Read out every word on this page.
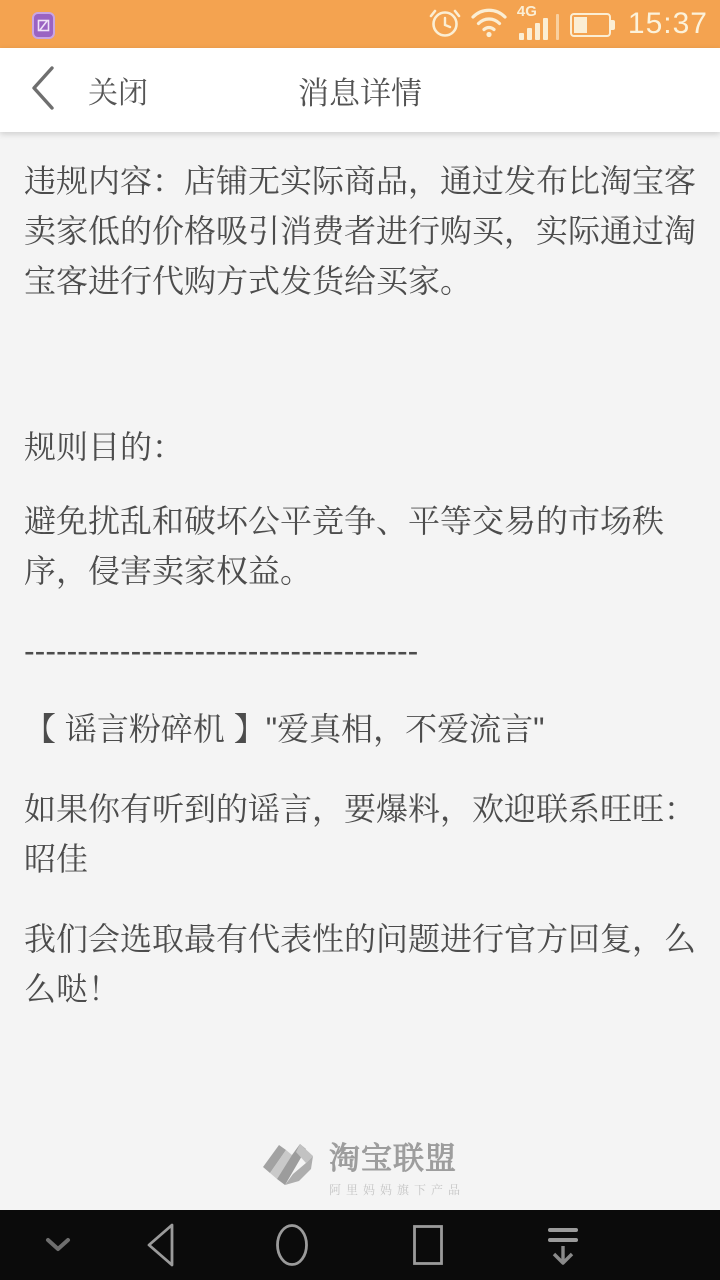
4G	15:37
关闭	消息详情

违规内容：店铺无实际商品，通过发布比淘宝客卖家低的价格吸引消费者进行购买，实际通过淘宝客进行代购方式发货给买家。

规则目的：

避免扰乱和破坏公平竞争、平等交易的市场秩序，侵害卖家权益。

-------------------------------------

【 谣言粉碎机 】"爱真相，不爱流言"

如果你有听到的谣言，要爆料，欢迎联系旺旺：昭佳

我们会选取最有代表性的问题进行官方回复，么么哒！

淘宝联盟
阿里妈妈旗下产品
